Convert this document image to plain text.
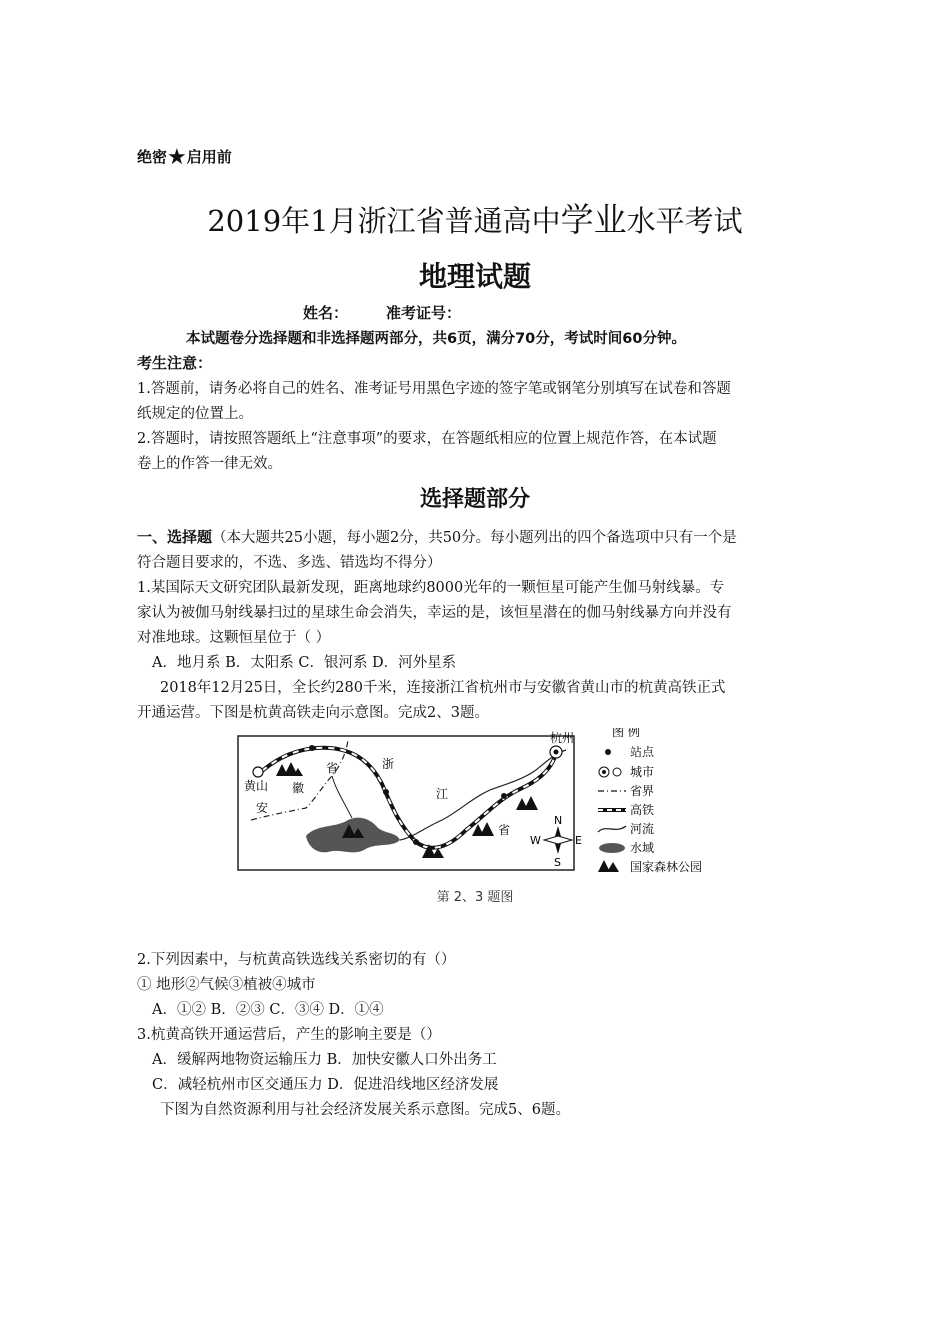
绝密★启用前
2019年1月浙江省普通高中学业水平考试
地理试题
姓名：	准考证号：
本试题卷分选择题和非选择题两部分，共6页，满分70分，考试时间60分钟。
考生注意：
1.答题前，请务必将自己的姓名、准考证号用黑色字迹的签字笔或钢笔分别填写在试卷和答题
纸规定的位置上。
2.答题时，请按照答题纸上“注意事项”的要求，在答题纸相应的位置上规范作答，在本试题
卷上的作答一律无效。
选择题部分
一、选择题（本大题共25小题，每小题2分，共50分。每小题列出的四个备选项中只有一个是
符合题目要求的，不选、多选、错选均不得分）
1.某国际天文研究团队最新发现，距离地球约8000光年的一颗恒星可能产生伽马射线暴。专
家认为被伽马射线暴扫过的星球生命会消失，幸运的是，该恒星潜在的伽马射线暴方向并没有
对准地球。这颗恒星位于（ ）
A．地月系 B．太阳系 C．银河系 D．河外星系
2018年12月25日，全长约280千米，连接浙江省杭州市与安徽省黄山市的杭黄高铁正式
开通运营。下图是杭黄高铁走向示意图。完成2、3题。
杭州
黄山
安
徽
省	浙
江
省
N
S
E
W
图 例
站点
城市
省界
高铁
河流
水域
国家森林公园
第 2、3 题图
2.下列因素中，与杭黄高铁选线关系密切的有（）
① 地形②气候③植被④城市
A．①② B．②③ C．③④ D．①④
3.杭黄高铁开通运营后，产生的影响主要是（）
A．缓解两地物资运输压力 B．加快安徽人口外出务工
C．减轻杭州市区交通压力 D．促进沿线地区经济发展
下图为自然资源利用与社会经济发展关系示意图。完成5、6题。
